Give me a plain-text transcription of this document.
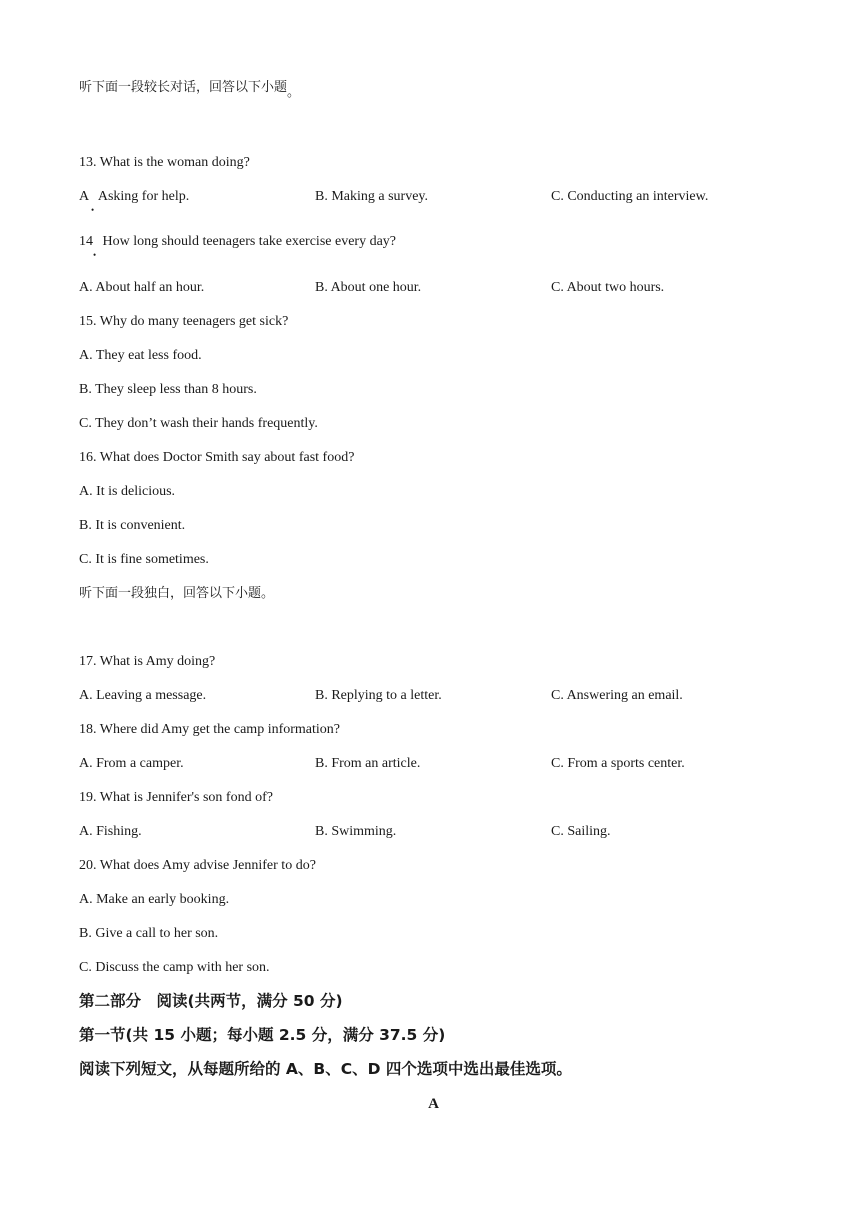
听下面一段较长对话，回答以下小题。
13. What is the woman doing?
A Asking for help.
•
B. Making a survey.	C. Conducting an interview.
14 How long should teenagers take exercise every day?
•
A. About half an hour.	B. About one hour.	C. About two hours.
15. Why do many teenagers get sick?
A. They eat less food.
B. They sleep less than 8 hours.
C. They don’t wash their hands frequently.
16. What does Doctor Smith say about fast food?
A. It is delicious.
B. It is convenient.
C. It is fine sometimes.
听下面一段独白，回答以下小题。
17. What is Amy doing?
A. Leaving a message.	B. Replying to a letter.	C. Answering an email.
18. Where did Amy get the camp information?
A. From a camper.	B. From an article.	C. From a sports center.
19. What is Jennifer's son fond of?
A. Fishing.	B. Swimming.	C. Sailing.
20. What does Amy advise Jennifer to do?
A. Make an early booking.
B. Give a call to her son.
C. Discuss the camp with her son.
第二部分　阅读(共两节，满分 50 分)
第一节(共 15 小题；每小题 2.5 分，满分 37.5 分)
阅读下列短文，从每题所给的 A、B、C、D 四个选项中选出最佳选项。
A
